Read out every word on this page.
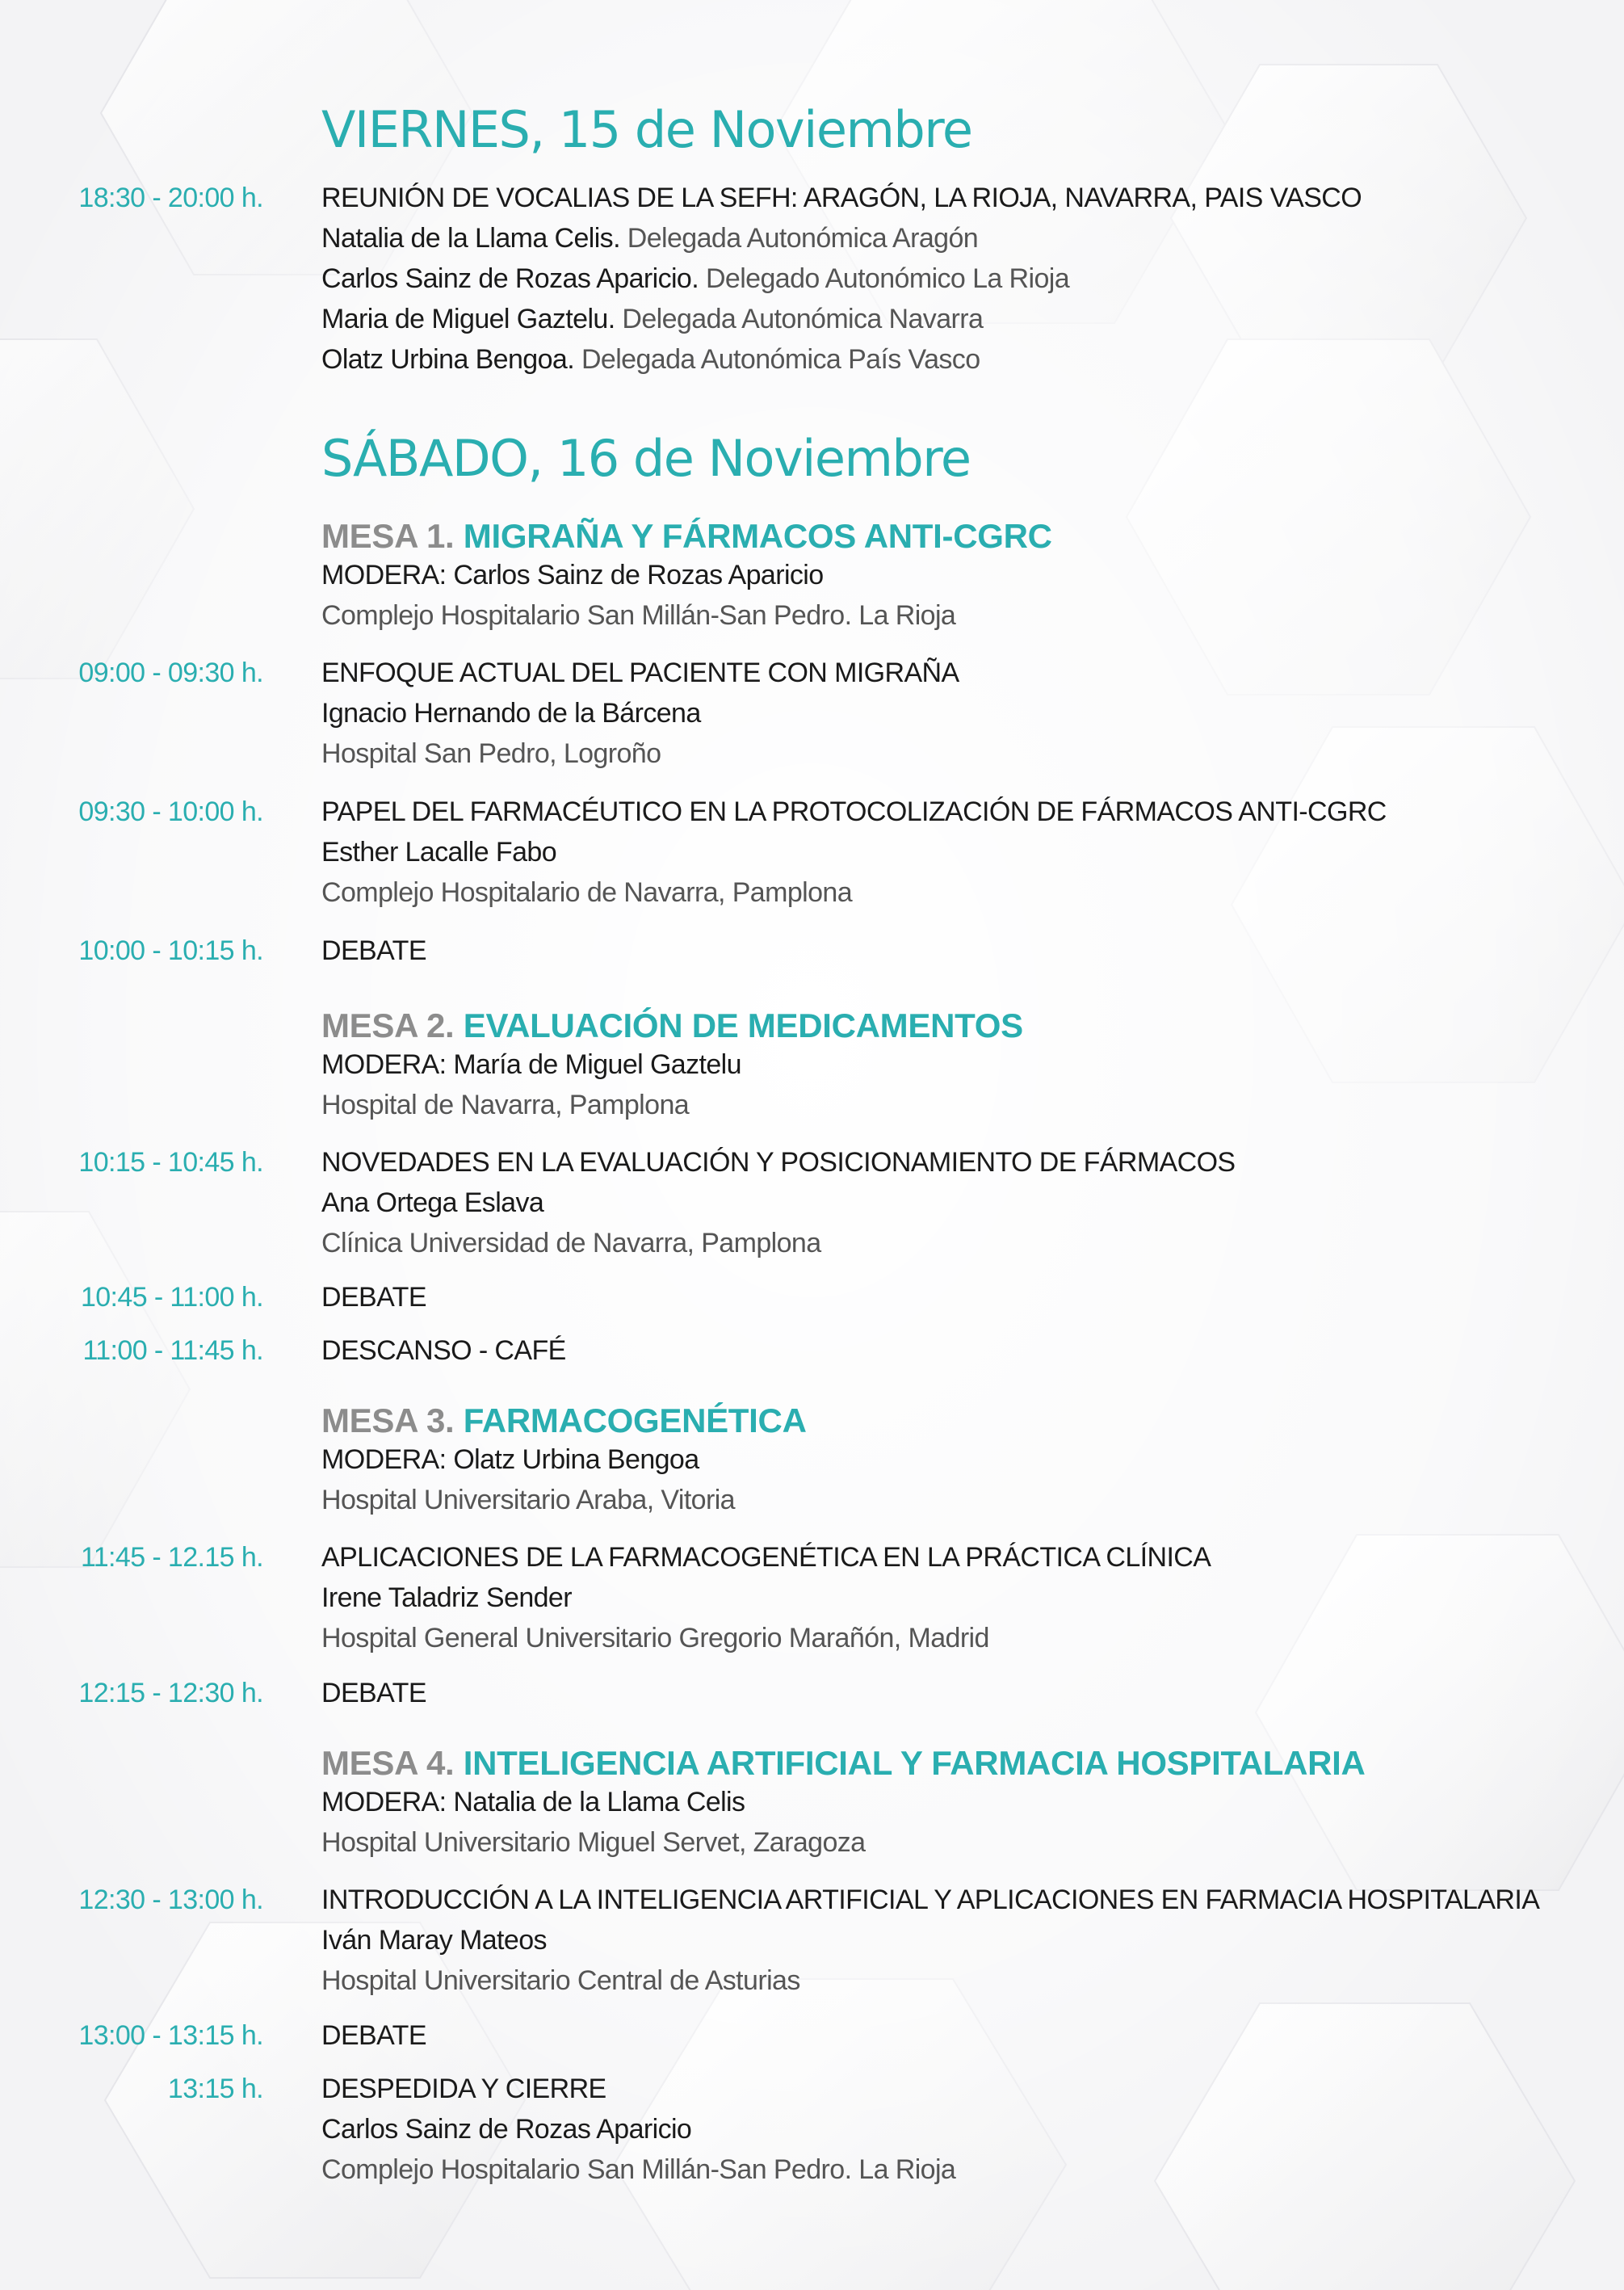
VIERNES, 15 de Noviembre
18:30 - 20:00 h. REUNIÓN DE VOCALIAS DE LA SEFH: ARAGÓN, LA RIOJA, NAVARRA, PAIS VASCO
Natalia de la Llama Celis. Delegada Autonómica Aragón
Carlos Sainz de Rozas Aparicio. Delegado Autonómico La Rioja
Maria de Miguel Gaztelu. Delegada Autonómica Navarra
Olatz Urbina Bengoa. Delegada Autonómica País Vasco
SÁBADO, 16 de Noviembre
MESA 1. MIGRAÑA Y FÁRMACOS ANTI-CGRC
MODERA: Carlos Sainz de Rozas Aparicio
Complejo Hospitalario San Millán-San Pedro. La Rioja
09:00 - 09:30 h. ENFOQUE ACTUAL DEL PACIENTE CON MIGRAÑA
Ignacio Hernando de la Bárcena
Hospital San Pedro, Logroño
09:30 - 10:00 h. PAPEL DEL FARMACÉUTICO EN LA PROTOCOLIZACIÓN DE FÁRMACOS ANTI-CGRC
Esther Lacalle Fabo
Complejo Hospitalario de Navarra, Pamplona
10:00 - 10:15 h. DEBATE
MESA 2. EVALUACIÓN DE MEDICAMENTOS
MODERA: María de Miguel Gaztelu
Hospital de Navarra, Pamplona
10:15 - 10:45 h. NOVEDADES EN LA EVALUACIÓN Y POSICIONAMIENTO DE FÁRMACOS
Ana Ortega Eslava
Clínica Universidad de Navarra, Pamplona
10:45 - 11:00 h. DEBATE
11:00 - 11:45 h. DESCANSO - CAFÉ
MESA 3. FARMACOGENÉTICA
MODERA: Olatz Urbina Bengoa
Hospital Universitario Araba, Vitoria
11:45 - 12.15 h. APLICACIONES DE LA FARMACOGENÉTICA EN LA PRÁCTICA CLÍNICA
Irene Taladriz Sender
Hospital General Universitario Gregorio Marañón, Madrid
12:15 - 12:30 h. DEBATE
MESA 4. INTELIGENCIA ARTIFICIAL Y FARMACIA HOSPITALARIA
MODERA: Natalia de la Llama Celis
Hospital Universitario Miguel Servet, Zaragoza
12:30 - 13:00 h. INTRODUCCIÓN A LA INTELIGENCIA ARTIFICIAL Y APLICACIONES EN FARMACIA HOSPITALARIA
Iván Maray Mateos
Hospital Universitario Central de Asturias
13:00 - 13:15 h. DEBATE
13:15 h. DESPEDIDA Y CIERRE
Carlos Sainz de Rozas Aparicio
Complejo Hospitalario San Millán-San Pedro. La Rioja
